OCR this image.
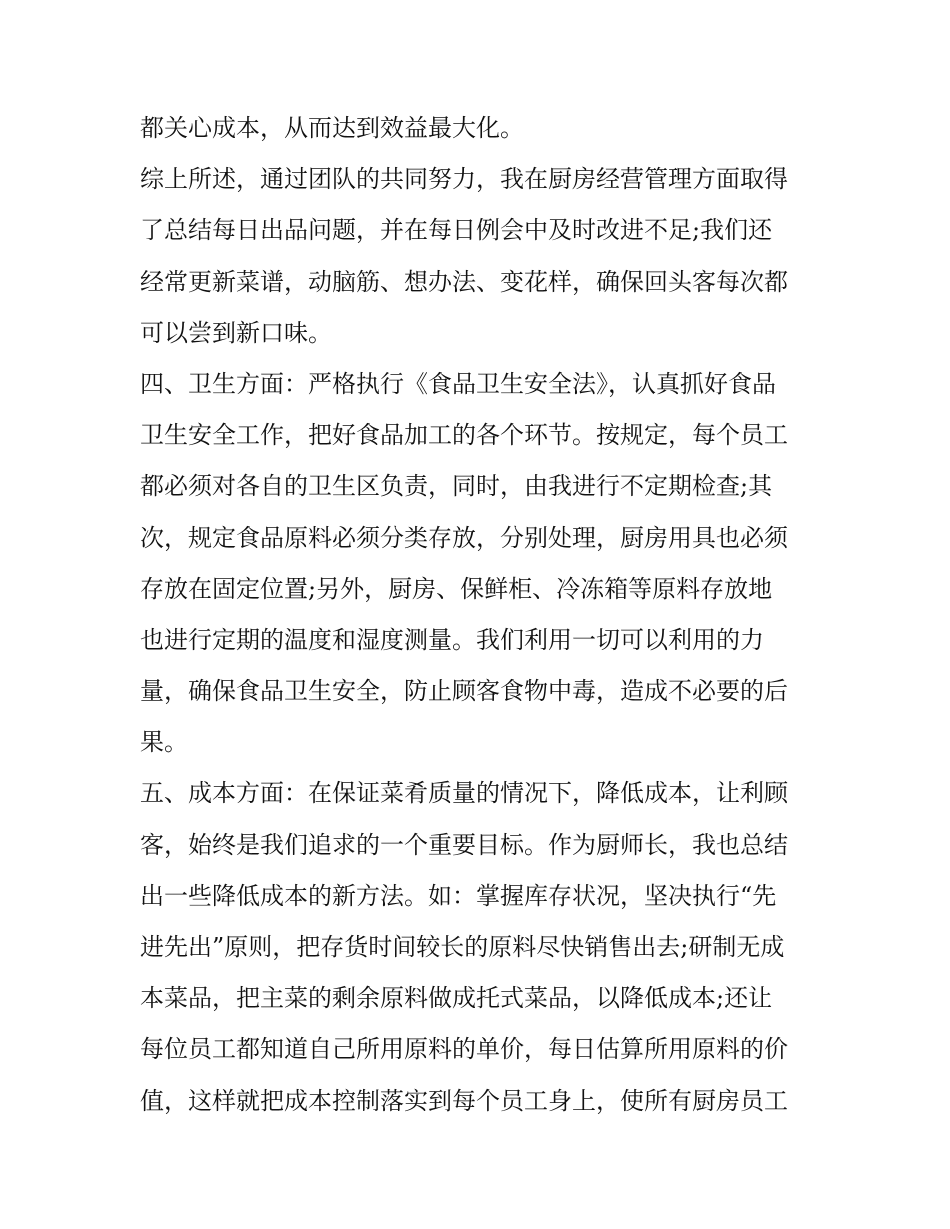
都关心成本，从而达到效益最大化。
综上所述，通过团队的共同努力，我在厨房经营管理方面取得
了总结每日出品问题，并在每日例会中及时改进不足;我们还
经常更新菜谱，动脑筋、想办法、变花样，确保回头客每次都
可以尝到新口味。
四、卫生方面：严格执行《食品卫生安全法》，认真抓好食品
卫生安全工作，把好食品加工的各个环节。按规定，每个员工
都必须对各自的卫生区负责，同时，由我进行不定期检查;其
次，规定食品原料必须分类存放，分别处理，厨房用具也必须
存放在固定位置;另外，厨房、保鲜柜、冷冻箱等原料存放地
也进行定期的温度和湿度测量。我们利用一切可以利用的力
量，确保食品卫生安全，防止顾客食物中毒，造成不必要的后
果。
五、成本方面：在保证菜肴质量的情况下，降低成本，让利顾
客，始终是我们追求的一个重要目标。作为厨师长，我也总结
出一些降低成本的新方法。如：掌握库存状况，坚决执行“先
进先出”原则，把存货时间较长的原料尽快销售出去;研制无成
本菜品，把主菜的剩余原料做成托式菜品，以降低成本;还让
每位员工都知道自己所用原料的单价，每日估算所用原料的价
值，这样就把成本控制落实到每个员工身上，使所有厨房员工
